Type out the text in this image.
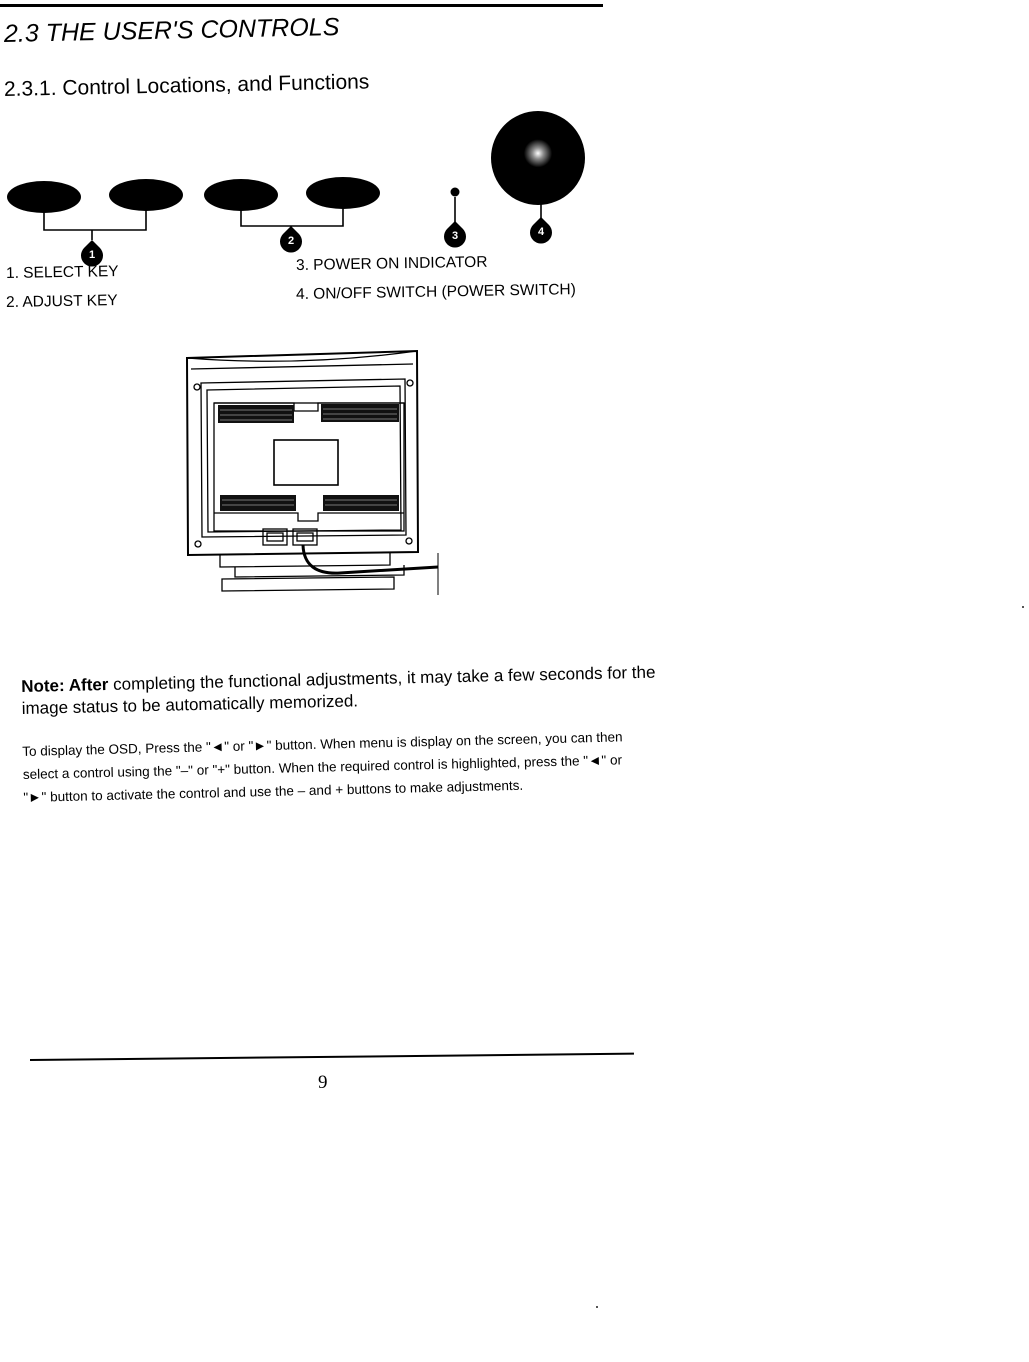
2.3 THE USER'S CONTROLS
2.3.1. Control Locations, and Functions
1
2	3	4
1. SELECT KEY
2. ADJUST KEY
3. POWER ON INDICATOR
4. ON/OFF SWITCH (POWER SWITCH)
Note: After completing the functional adjustments, it may take a few seconds for the image status to be automatically memorized.
To display the OSD, Press the "◄" or "►" button. When menu is display on the screen, you can then select a control using the "–" or "+" button. When the required control is highlighted, press the "◄" or "►" button to activate the control and use the – and + buttons to make adjustments.
9
